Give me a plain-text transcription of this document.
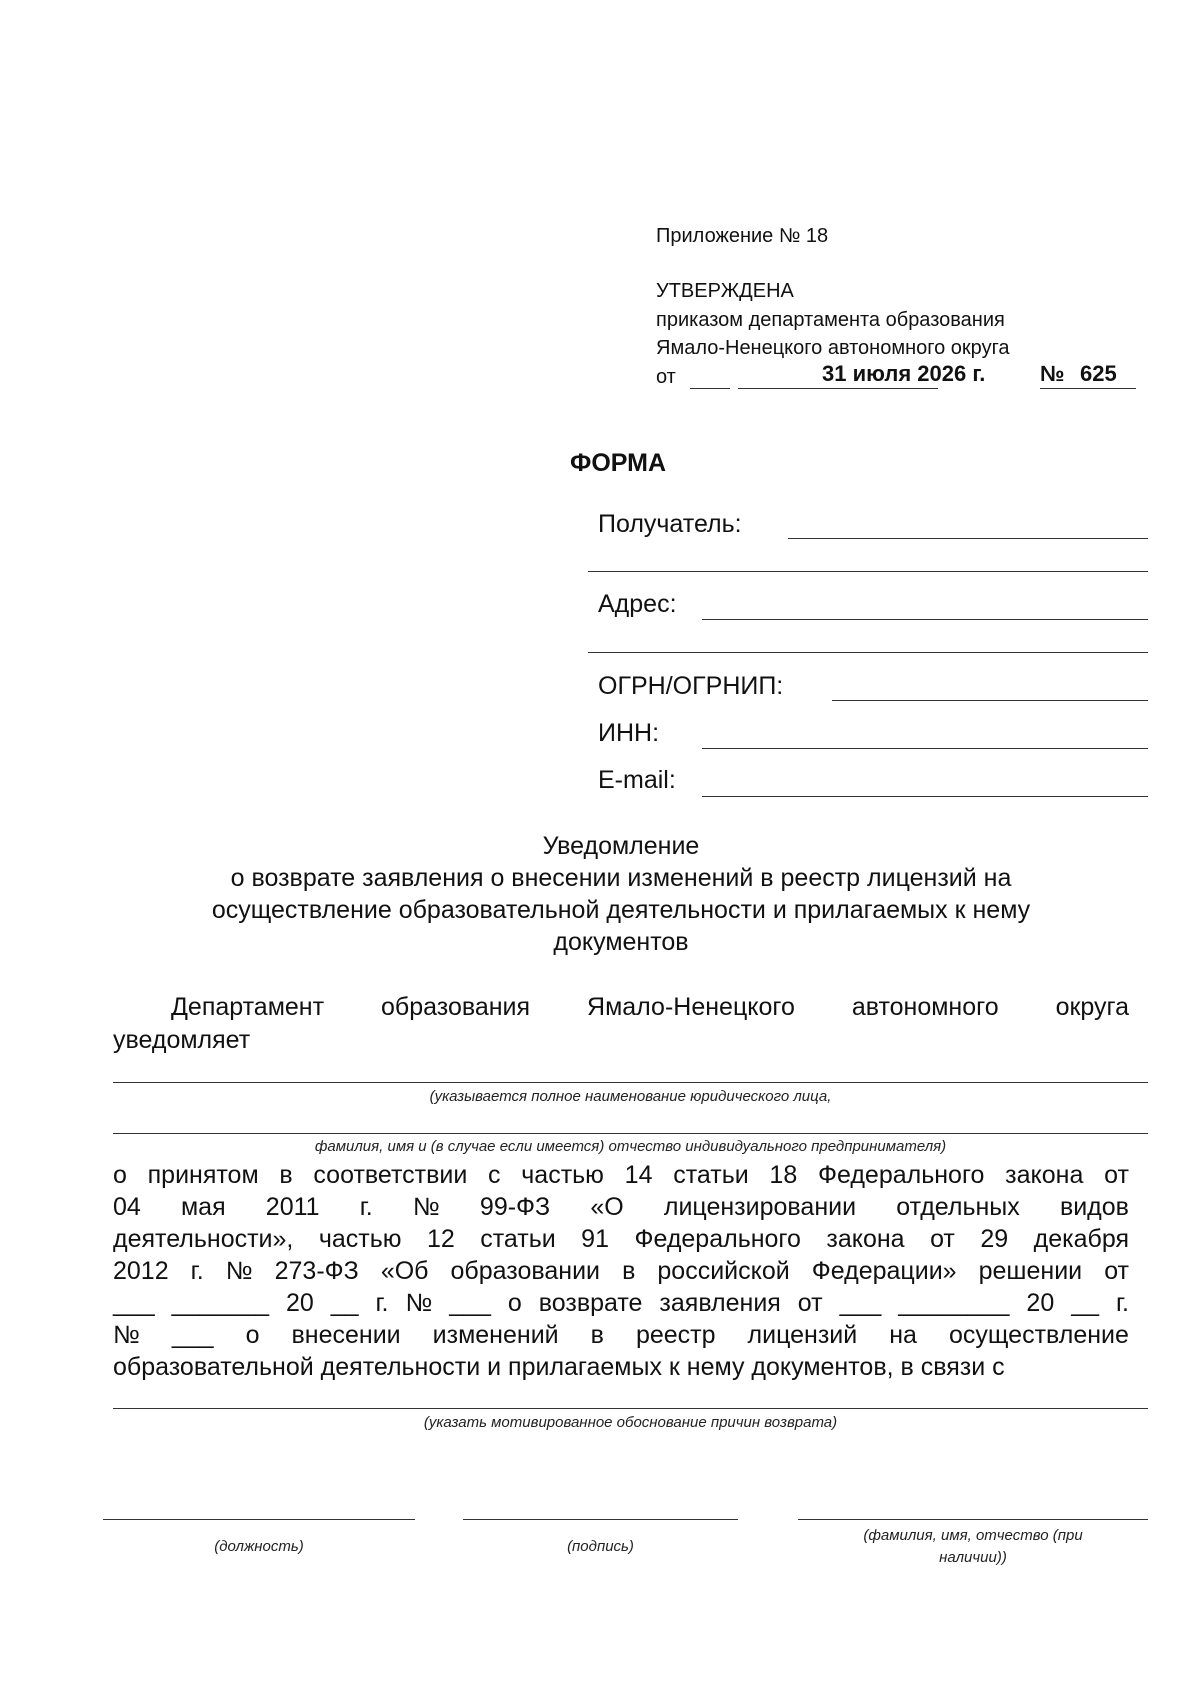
Приложение № 18
УТВЕРЖДЕНА
приказом департамента образования
Ямало-Ненецкого автономного округа
от	31 июля 2026 г. № 625
ФОРМА
Получатель:
Адрес:
ОГРН/ОГРНИП:
ИНН:
E-mail:
Уведомление
о возврате заявления о внесении изменений в реестр лицензий на
осуществление образовательной деятельности и прилагаемых к нему
документов
Департамент образования Ямало-Ненецкого автономного округа
уведомляет
(указывается полное наименование юридического лица,
фамилия, имя и (в случае если имеется) отчество индивидуального предпринимателя)
о принятом в соответствии с частью 14 статьи 18 Федерального закона от
04 мая 2011 г. № 99-ФЗ «О лицензировании отдельных видов
деятельности», частью 12 статьи 91 Федерального закона от 29 декабря
2012 г. № 273-ФЗ «Об образовании в российской Федерации» решении от
___ _______ 20 __ г. № ___ о возврате заявления от ___ ________ 20 __ г.
№ ___ о внесении изменений в реестр лицензий на осуществление
образовательной деятельности и прилагаемых к нему документов, в связи с
(указать мотивированное обоснование причин возврата)
(должность)	(подпись)
(фамилия, имя, отчество (при
наличии))
